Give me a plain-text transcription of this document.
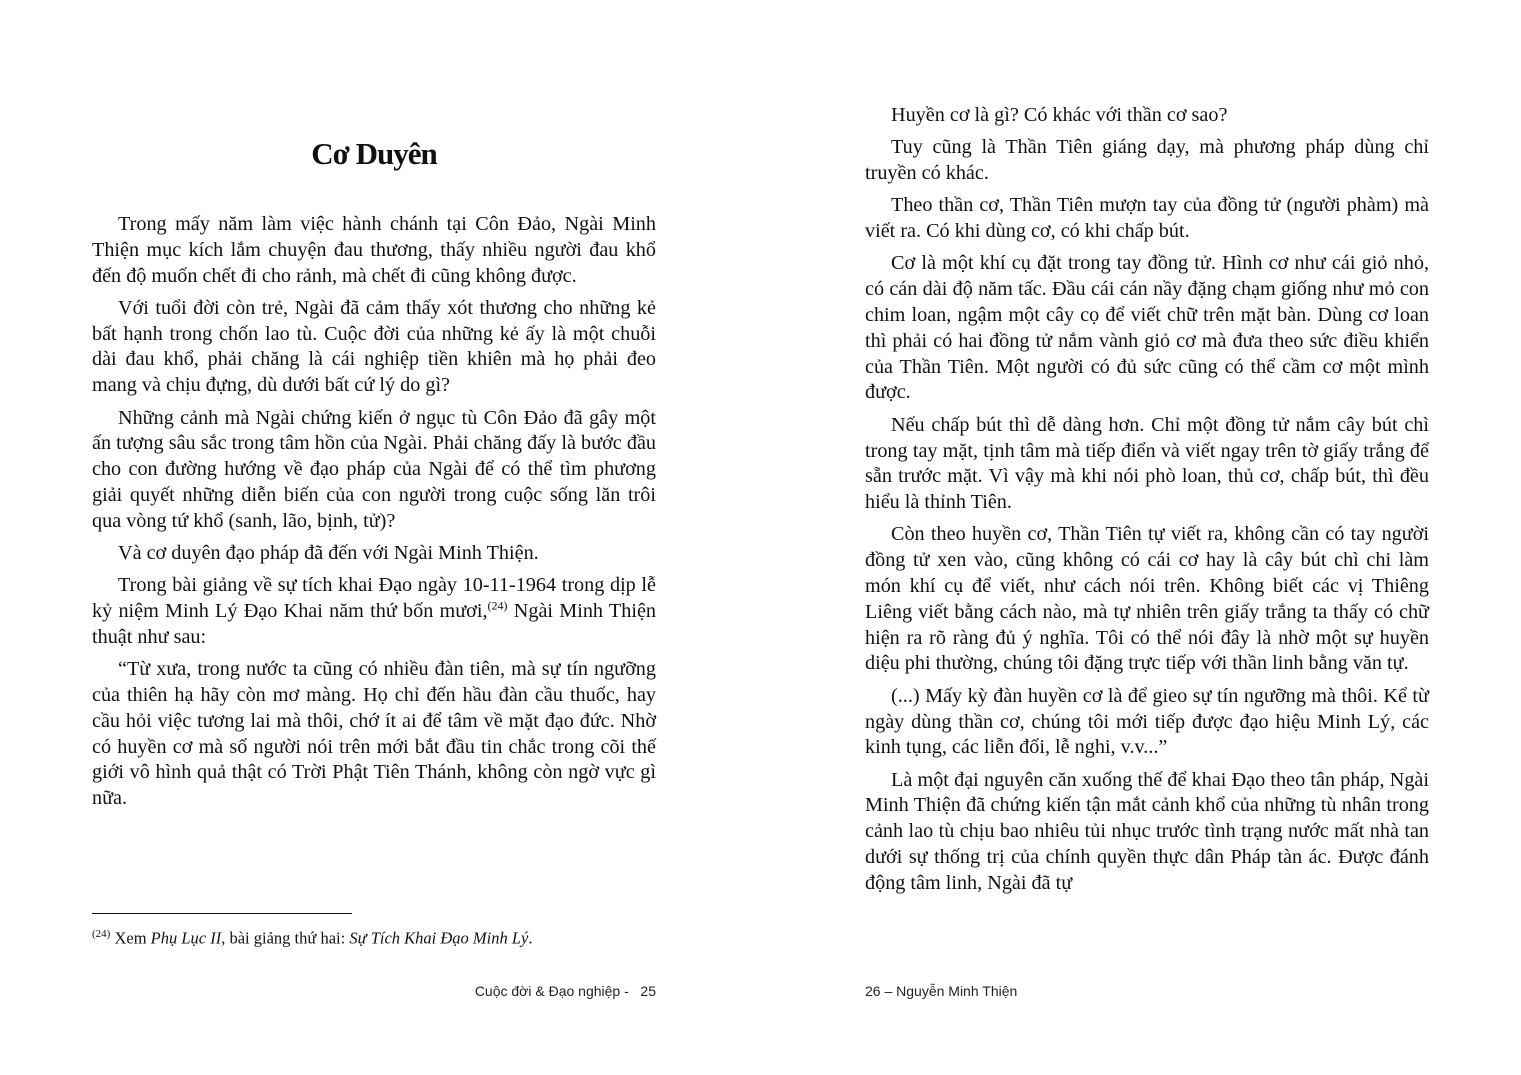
Cơ Duyên

Trong mấy năm làm việc hành chánh tại Côn Đảo, Ngài Minh Thiện mục kích lắm chuyện đau thương, thấy nhiều người đau khổ đến độ muốn chết đi cho rảnh, mà chết đi cũng không được.

Với tuổi đời còn trẻ, Ngài đã cảm thấy xót thương cho những kẻ bất hạnh trong chốn lao tù. Cuộc đời của những kẻ ấy là một chuỗi dài đau khổ, phải chăng là cái nghiệp tiền khiên mà họ phải đeo mang và chịu đựng, dù dưới bất cứ lý do gì?

Những cảnh mà Ngài chứng kiến ở ngục tù Côn Đảo đã gây một ấn tượng sâu sắc trong tâm hồn của Ngài. Phải chăng đấy là bước đầu cho con đường hướng về đạo pháp của Ngài để có thể tìm phương giải quyết những diễn biến của con người trong cuộc sống lăn trôi qua vòng tứ khổ (sanh, lão, bịnh, tử)?

Và cơ duyên đạo pháp đã đến với Ngài Minh Thiện.

Trong bài giảng về sự tích khai Đạo ngày 10-11-1964 trong dịp lễ kỷ niệm Minh Lý Đạo Khai năm thứ bốn mươi,$^{(24)}$ Ngài Minh Thiện thuật như sau:

“Từ xưa, trong nước ta cũng có nhiều đàn tiên, mà sự tín ngưỡng của thiên hạ hãy còn mơ màng. Họ chỉ đến hầu đàn cầu thuốc, hay cầu hỏi việc tương lai mà thôi, chớ ít ai để tâm về mặt đạo đức. Nhờ có huyền cơ mà số người nói trên mới bắt đầu tin chắc trong cõi thế giới vô hình quả thật có Trời Phật Tiên Thánh, không còn ngờ vực gì nữa.

$^{(24)}$ Xem Phụ Lục II, bài giảng thứ hai: Sự Tích Khai Đạo Minh Lý.
Cuộc đời & Đạo nghiệp -   25

Huyền cơ là gì? Có khác với thần cơ sao?

Tuy cũng là Thần Tiên giáng dạy, mà phương pháp dùng chỉ truyền có khác.

Theo thần cơ, Thần Tiên mượn tay của đồng tử (người phàm) mà viết ra. Có khi dùng cơ, có khi chấp bút.

Cơ là một khí cụ đặt trong tay đồng tử. Hình cơ như cái giỏ nhỏ, có cán dài độ năm tấc. Đầu cái cán nầy đặng chạm giống như mỏ con chim loan, ngậm một cây cọ để viết chữ trên mặt bàn. Dùng cơ loan thì phải có hai đồng tử nắm vành giỏ cơ mà đưa theo sức điều khiển của Thần Tiên. Một người có đủ sức cũng có thể cầm cơ một mình được.

Nếu chấp bút thì dễ dàng hơn. Chỉ một đồng tử nắm cây bút chì trong tay mặt, tịnh tâm mà tiếp điển và viết ngay trên tờ giấy trắng để sẵn trước mặt. Vì vậy mà khi nói phò loan, thủ cơ, chấp bút, thì đều hiểu là thỉnh Tiên.

Còn theo huyền cơ, Thần Tiên tự viết ra, không cần có tay người đồng tử xen vào, cũng không có cái cơ hay là cây bút chì chi làm món khí cụ để viết, như cách nói trên. Không biết các vị Thiêng Liêng viết bằng cách nào, mà tự nhiên trên giấy trắng ta thấy có chữ hiện ra rõ ràng đủ ý nghĩa. Tôi có thể nói đây là nhờ một sự huyền diệu phi thường, chúng tôi đặng trực tiếp với thần linh bằng văn tự.

(...) Mấy kỳ đàn huyền cơ là để gieo sự tín ngưỡng mà thôi. Kể từ ngày dùng thần cơ, chúng tôi mới tiếp được đạo hiệu Minh Lý, các kinh tụng, các liễn đối, lễ nghi, v.v...”

Là một đại nguyên căn xuống thế để khai Đạo theo tân pháp, Ngài Minh Thiện đã chứng kiến tận mắt cảnh khổ của những tù nhân trong cảnh lao tù chịu bao nhiêu tủi nhục trước tình trạng nước mất nhà tan dưới sự thống trị của chính quyền thực dân Pháp tàn ác. Được đánh động tâm linh, Ngài đã tự

26 – Nguyễn Minh Thiện
